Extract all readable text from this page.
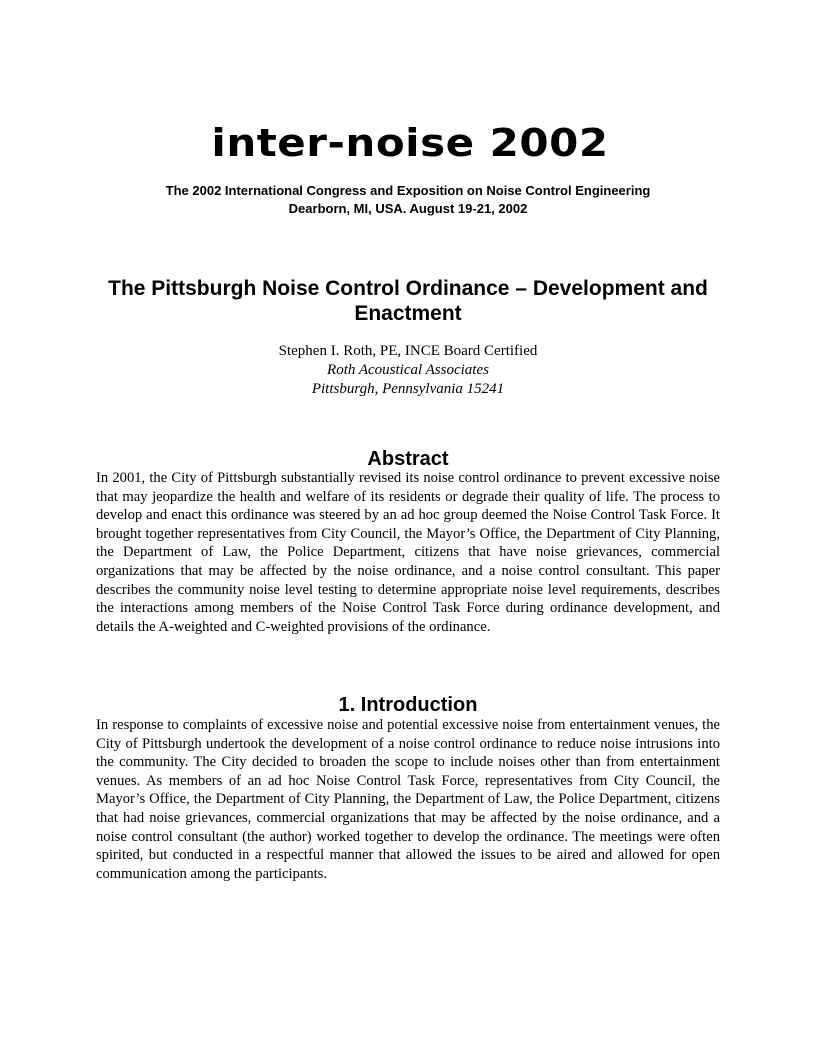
inter-noise 2002
The 2002 International Congress and Exposition on Noise Control Engineering
Dearborn, MI, USA. August 19-21, 2002
The Pittsburgh Noise Control Ordinance – Development and Enactment
Stephen I. Roth, PE, INCE Board Certified
Roth Acoustical Associates
Pittsburgh, Pennsylvania 15241
Abstract

In 2001, the City of Pittsburgh substantially revised its noise control ordinance to prevent excessive noise that may jeopardize the health and welfare of its residents or degrade their quality of life. The process to develop and enact this ordinance was steered by an ad hoc group deemed the Noise Control Task Force. It brought together representatives from City Council, the Mayor’s Office, the Department of City Planning, the Department of Law, the Police Department, citizens that have noise grievances, commercial organizations that may be affected by the noise ordinance, and a noise control consultant. This paper describes the community noise level testing to determine appropriate noise level requirements, describes the interactions among members of the Noise Control Task Force during ordinance development, and details the A-weighted and C-weighted provisions of the ordinance.

1. Introduction

In response to complaints of excessive noise and potential excessive noise from entertainment venues, the City of Pittsburgh undertook the development of a noise control ordinance to reduce noise intrusions into the community. The City decided to broaden the scope to include noises other than from entertainment venues. As members of an ad hoc Noise Control Task Force, representatives from City Council, the Mayor’s Office, the Department of City Planning, the Department of Law, the Police Department, citizens that had noise grievances, commercial organizations that may be affected by the noise ordinance, and a noise control consultant (the author) worked together to develop the ordinance. The meetings were often spirited, but conducted in a respectful manner that allowed the issues to be aired and allowed for open communication among the participants.
